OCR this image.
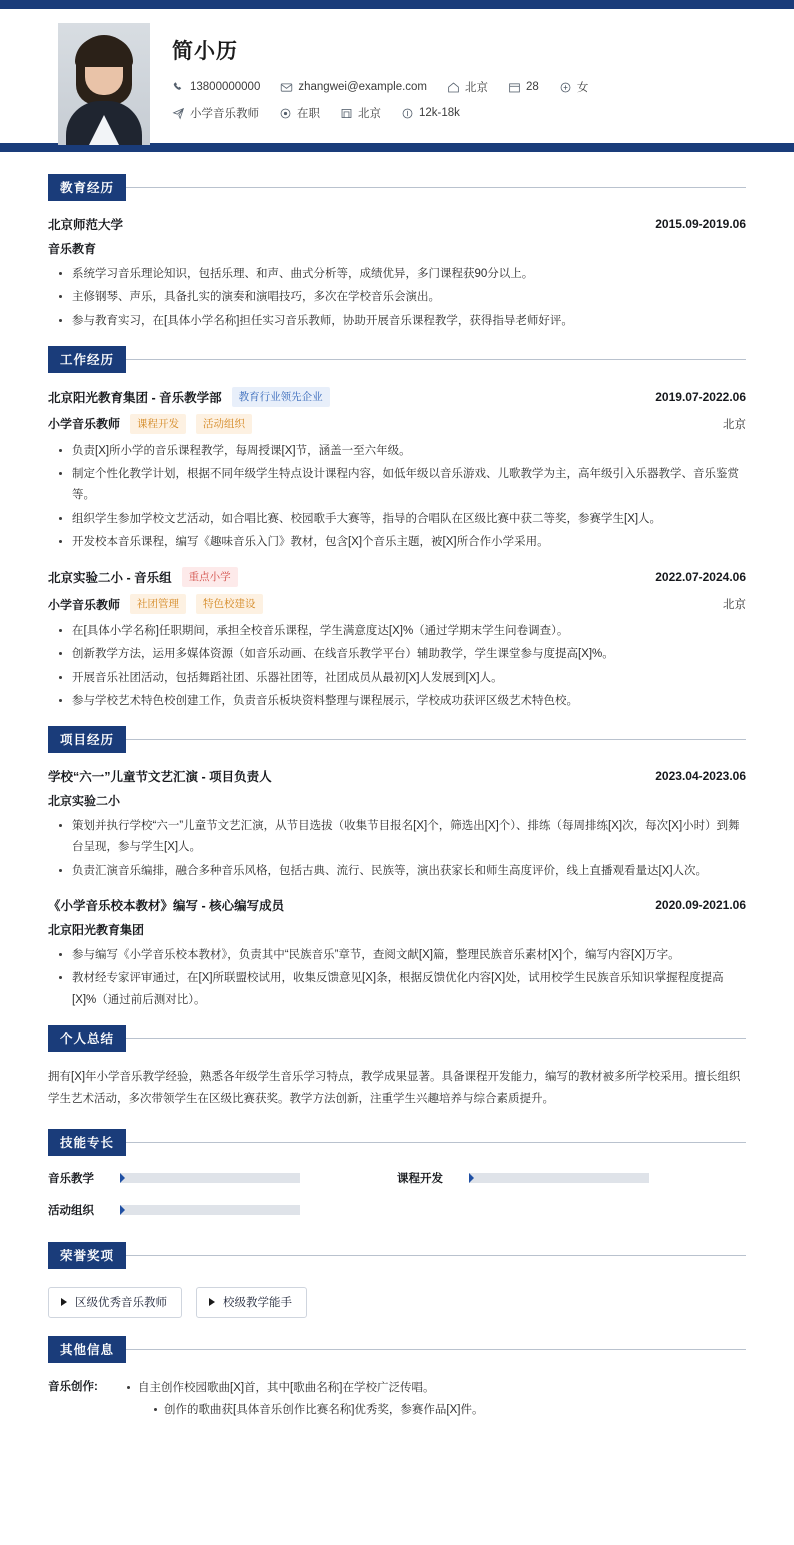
简小历
13800000000	zhangwei@example.com	北京	28	女
小学音乐教师	在职	北京	12k-18k
教育经历
北京师范大学	2015.09-2019.06
音乐教育
系统学习音乐理论知识，包括乐理、和声、曲式分析等，成绩优异，多门课程获90分以上。
主修钢琴、声乐，具备扎实的演奏和演唱技巧，多次在学校音乐会演出。
参与教育实习，在[具体小学名称]担任实习音乐教师，协助开展音乐课程教学，获得指导老师好评。
工作经历
北京阳光教育集团 - 音乐教学部	教育行业领先企业	2019.07-2022.06
小学音乐教师	课程开发	活动组织	北京
负责[X]所小学的音乐课程教学，每周授课[X]节，涵盖一至六年级。
制定个性化教学计划，根据不同年级学生特点设计课程内容，如低年级以音乐游戏、儿歌教学为主，高年级引入乐器教学、音乐鉴赏等。
组织学生参加学校文艺活动，如合唱比赛、校园歌手大赛等，指导的合唱队在区级比赛中获二等奖，参赛学生[X]人。
开发校本音乐课程，编写《趣味音乐入门》教材，包含[X]个音乐主题，被[X]所合作小学采用。
北京实验二小 - 音乐组	重点小学	2022.07-2024.06
小学音乐教师	社团管理	特色校建设	北京
在[具体小学名称]任职期间，承担全校音乐课程，学生满意度达[X]%（通过学期末学生问卷调查）。
创新教学方法，运用多媒体资源（如音乐动画、在线音乐教学平台）辅助教学，学生课堂参与度提高[X]%。
开展音乐社团活动，包括舞蹈社团、乐器社团等，社团成员从最初[X]人发展到[X]人。
参与学校艺术特色校创建工作，负责音乐板块资料整理与课程展示，学校成功获评区级艺术特色校。
项目经历
学校“六一”儿童节文艺汇演 - 项目负责人	2023.04-2023.06
北京实验二小
策划并执行学校“六一”儿童节文艺汇演，从节目选拔（收集节目报名[X]个，筛选出[X]个）、排练（每周排练[X]次，每次[X]小时）到舞台呈现，参与学生[X]人。
负责汇演音乐编排，融合多种音乐风格，包括古典、流行、民族等，演出获家长和师生高度评价，线上直播观看量达[X]人次。
《小学音乐校本教材》编写 - 核心编写成员	2020.09-2021.06
北京阳光教育集团
参与编写《小学音乐校本教材》，负责其中“民族音乐”章节，查阅文献[X]篇，整理民族音乐素材[X]个，编写内容[X]万字。
教材经专家评审通过，在[X]所联盟校试用，收集反馈意见[X]条，根据反馈优化内容[X]处，试用校学生民族音乐知识掌握程度提高[X]%（通过前后测对比）。
个人总结
拥有[X]年小学音乐教学经验，熟悉各年级学生音乐学习特点，教学成果显著。具备课程开发能力，编写的教材被多所学校采用。擅长组织学生艺术活动，多次带领学生在区级比赛获奖。教学方法创新，注重学生兴趣培养与综合素质提升。
技能专长
音乐教学	课程开发
活动组织
荣誉奖项
区级优秀音乐教师	校级教学能手
其他信息
音乐创作:	自主创作校园歌曲[X]首，其中[歌曲名称]在学校广泛传唱。
创作的歌曲获[具体音乐创作比赛名称]优秀奖，参赛作品[X]件。
